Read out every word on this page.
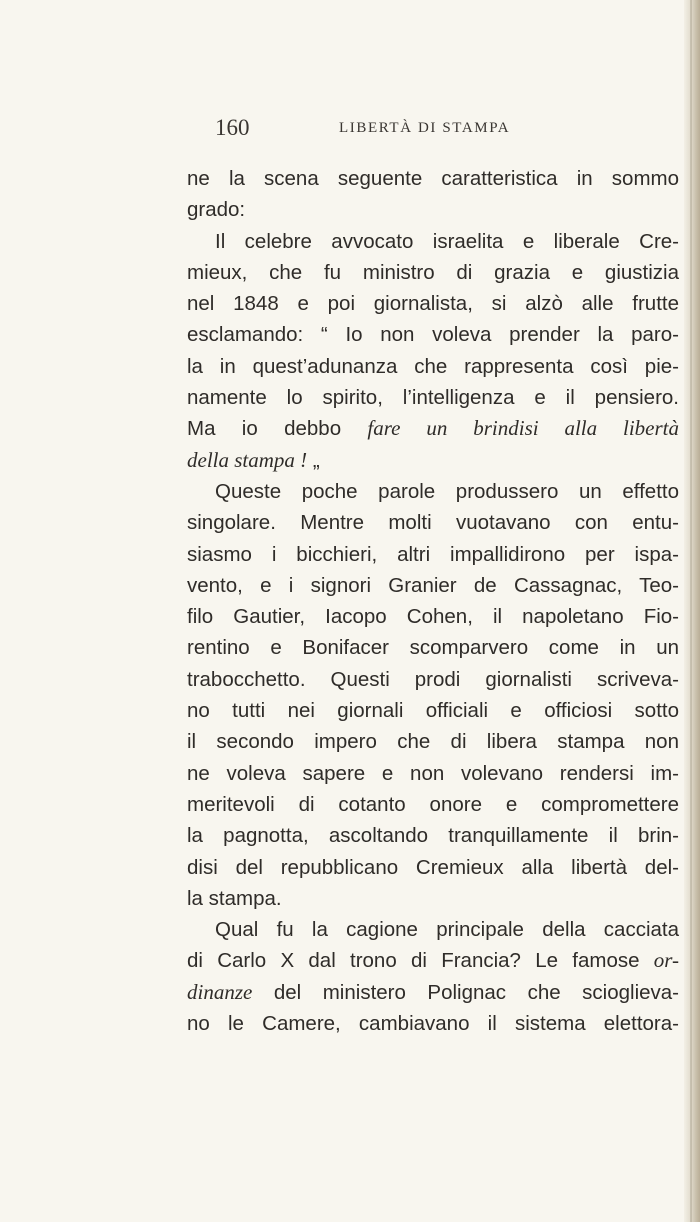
160	LIBERTÀ DI STAMPA
ne la scena seguente caratteristica in sommo
grado:
Il celebre avvocato israelita e liberale Cre-
mieux, che fu ministro di grazia e giustizia
nel 1848 e poi giornalista, si alzò alle frutte
esclamando: “ Io non voleva prender la paro-
la in quest’adunanza che rappresenta così pie-
namente lo spirito, l’intelligenza e il pensiero.
Ma io debbo fare un brindisi alla libertà
della stampa ! „
Queste poche parole produssero un effetto
singolare. Mentre molti vuotavano con entu-
siasmo i bicchieri, altri impallidirono per ispa-
vento, e i signori Granier de Cassagnac, Teo-
filo Gautier, Iacopo Cohen, il napoletano Fio-
rentino e Bonifacer scomparvero come in un
trabocchetto. Questi prodi giornalisti scriveva-
no tutti nei giornali officiali e officiosi sotto
il secondo impero che di libera stampa non
ne voleva sapere e non volevano rendersi im-
meritevoli di cotanto onore e compromettere
la pagnotta, ascoltando tranquillamente il brin-
disi del repubblicano Cremieux alla libertà del-
la stampa.
Qual fu la cagione principale della cacciata
di Carlo X dal trono di Francia? Le famose or-
dinanze del ministero Polignac che scioglieva-
no le Camere, cambiavano il sistema elettora-
